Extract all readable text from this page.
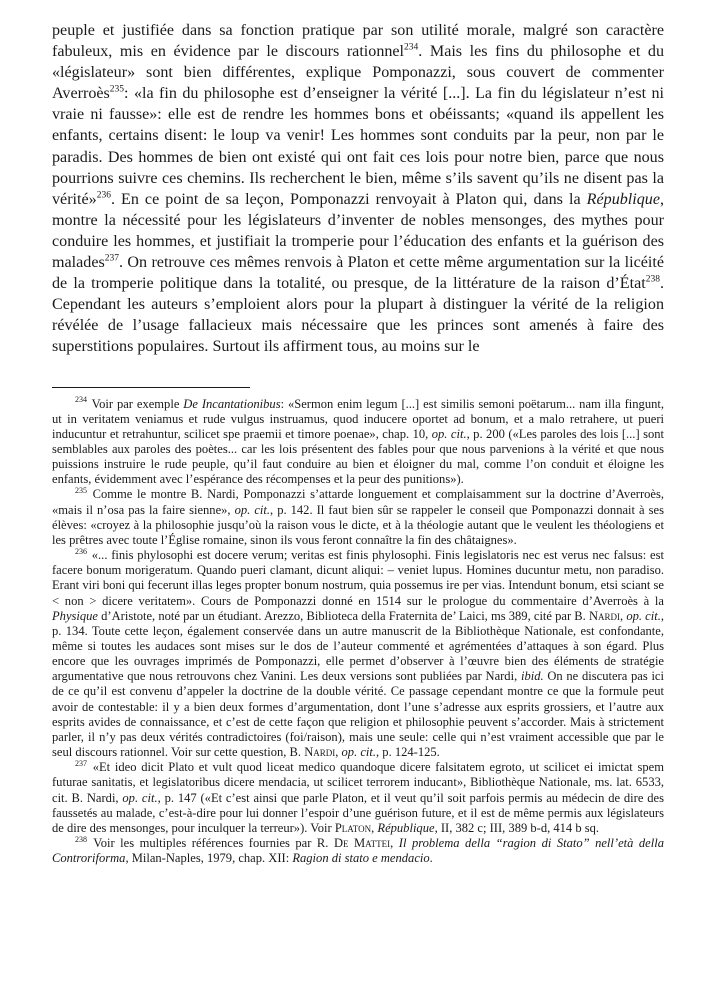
peuple et justifiée dans sa fonction pratique par son utilité morale, malgré son caractère fabuleux, mis en évidence par le discours rationnel$^{234}$. Mais les fins du philosophe et du «législateur» sont bien différentes, explique Pomponazzi, sous couvert de commenter Averroès$^{235}$: «la fin du philosophe est d’enseigner la vérité [...]. La fin du législateur n’est ni vraie ni fausse»: elle est de rendre les hommes bons et obéissants; «quand ils appellent les enfants, certains disent: le loup va venir! Les hommes sont conduits par la peur, non par le paradis. Des hommes de bien ont existé qui ont fait ces lois pour notre bien, parce que nous pourrions suivre ces chemins. Ils recherchent le bien, même s’ils savent qu’ils ne disent pas la vérité»$^{236}$. En ce point de sa leçon, Pomponazzi renvoyait à Platon qui, dans la République, montre la nécessité pour les législateurs d’inventer de nobles mensonges, des mythes pour conduire les hommes, et justifiait la tromperie pour l’éducation des enfants et la guérison des malades$^{237}$. On retrouve ces mêmes renvois à Platon et cette même argumentation sur la licéité de la tromperie politique dans la totalité, ou presque, de la littérature de la raison d’État$^{238}$. Cependant les auteurs s’emploient alors pour la plupart à distinguer la vérité de la religion révélée de l’usage fallacieux mais nécessaire que les princes sont amenés à faire des superstitions populaires. Surtout ils affirment tous, au moins sur le

$^{234}$ Voir par exemple De Incantationibus: «Sermon enim legum [...] est similis semoni poëtarum... nam illa fingunt, ut in veritatem veniamus et rude vulgus instruamus, quod inducere oportet ad bonum, et a malo retrahere, ut pueri inducuntur et retrahuntur, scilicet spe praemii et timore poenae», chap. 10, op. cit., p. 200 («Les paroles des lois [...] sont semblables aux paroles des poètes... car les lois présentent des fables pour que nous parvenions à la vérité et que nous puissions instruire le rude peuple, qu’il faut conduire au bien et éloigner du mal, comme l’on conduit et éloigne les enfants, évidemment avec l’espérance des récompenses et la peur des punitions»).

$^{235}$ Comme le montre B. Nardi, Pomponazzi s’attarde longuement et complaisamment sur la doctrine d’Averroès, «mais il n’osa pas la faire sienne», op. cit., p. 142. Il faut bien sûr se rappeler le conseil que Pomponazzi donnait à ses élèves: «croyez à la philosophie jusqu’où la raison vous le dicte, et à la théologie autant que le veulent les théologiens et les prêtres avec toute l’Église romaine, sinon ils vous feront connaître la fin des châtaignes».

$^{236}$ «... finis phylosophi est docere verum; veritas est finis phylosophi. Finis legislatoris nec est verus nec falsus: est facere bonum morigeratum. Quando pueri clamant, dicunt aliqui: – veniet lupus. Homines ducuntur metu, non paradiso. Erant viri boni qui fecerunt illas leges propter bonum nostrum, quia possemus ire per vias. Intendunt bonum, etsi sciant se < non > dicere veritatem». Cours de Pomponazzi donné en 1514 sur le prologue du commentaire d’Averroès à la Physique d’Aristote, noté par un étudiant. Arezzo, Biblioteca della Fraternita de’ Laici, ms 389, cité par B. Nardi, op. cit., p. 134. Toute cette leçon, également conservée dans un autre manuscrit de la Bibliothèque Nationale, est confondante, même si toutes les audaces sont mises sur le dos de l’auteur commenté et agrémentées d’attaques à son égard. Plus encore que les ouvrages imprimés de Pomponazzi, elle permet d’observer à l’œuvre bien des éléments de stratégie argumentative que nous retrouvons chez Vanini. Les deux versions sont publiées par Nardi, ibid. On ne discutera pas ici de ce qu’il est convenu d’appeler la doctrine de la double vérité. Ce passage cependant montre ce que la formule peut avoir de contestable: il y a bien deux formes d’argumentation, dont l’une s’adresse aux esprits grossiers, et l’autre aux esprits avides de connaissance, et c’est de cette façon que religion et philosophie peuvent s’accorder. Mais à strictement parler, il n’y pas deux vérités contradictoires (foi/raison), mais une seule: celle qui n’est vraiment accessible que par le seul discours rationnel. Voir sur cette question, B. Nardi, op. cit., p. 124-125.

$^{237}$ «Et ideo dicit Plato et vult quod liceat medico quandoque dicere falsitatem egroto, ut scilicet ei imictat spem futurae sanitatis, et legislatoribus dicere mendacia, ut scilicet terrorem inducant», Bibliothèque Nationale, ms. lat. 6533, cit. B. Nardi, op. cit., p. 147 («Et c’est ainsi que parle Platon, et il veut qu’il soit parfois permis au médecin de dire des faussetés au malade, c’est-à-dire pour lui donner l’espoir d’une guérison future, et il est de même permis aux législateurs de dire des mensonges, pour inculquer la terreur»). Voir Platon, République, II, 382 c; III, 389 b-d, 414 b sq.

$^{238}$ Voir les multiples références fournies par R. De Mattei, Il problema della “ragion di Stato” nell’età della Controriforma, Milan-Naples, 1979, chap. XII: Ragion di stato e mendacio.
